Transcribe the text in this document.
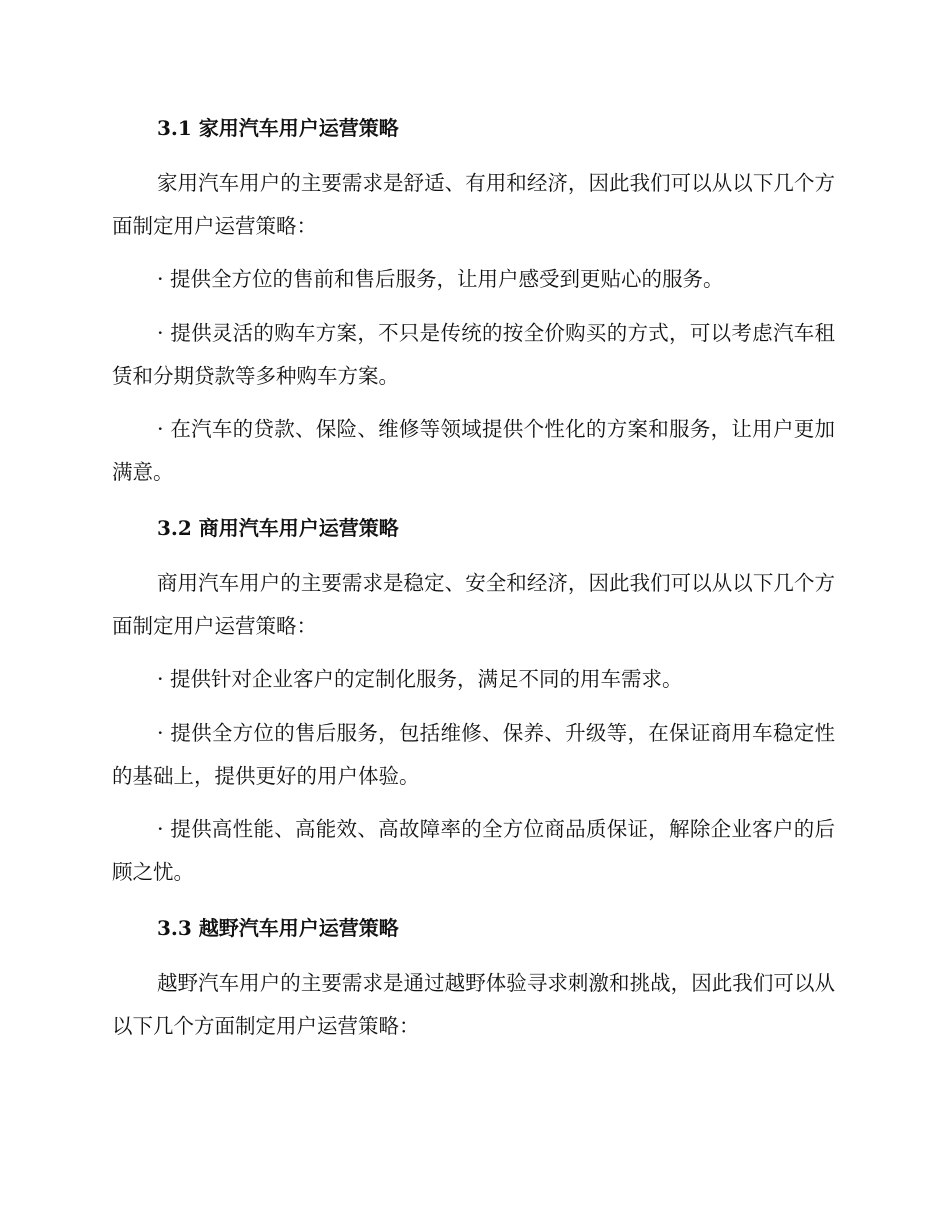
3.1 家用汽车用户运营策略

家用汽车用户的主要需求是舒适、有用和经济，因此我们可以从以下几个方面制定用户运营策略：

· 提供全方位的售前和售后服务，让用户感受到更贴心的服务。

· 提供灵活的购车方案，不只是传统的按全价购买的方式，可以考虑汽车租赁和分期贷款等多种购车方案。

· 在汽车的贷款、保险、维修等领域提供个性化的方案和服务，让用户更加满意。

3.2 商用汽车用户运营策略

商用汽车用户的主要需求是稳定、安全和经济，因此我们可以从以下几个方面制定用户运营策略：

· 提供针对企业客户的定制化服务，满足不同的用车需求。

· 提供全方位的售后服务，包括维修、保养、升级等，在保证商用车稳定性的基础上，提供更好的用户体验。

· 提供高性能、高能效、高故障率的全方位商品质保证，解除企业客户的后顾之忧。

3.3 越野汽车用户运营策略

越野汽车用户的主要需求是通过越野体验寻求刺激和挑战，因此我们可以从以下几个方面制定用户运营策略：
